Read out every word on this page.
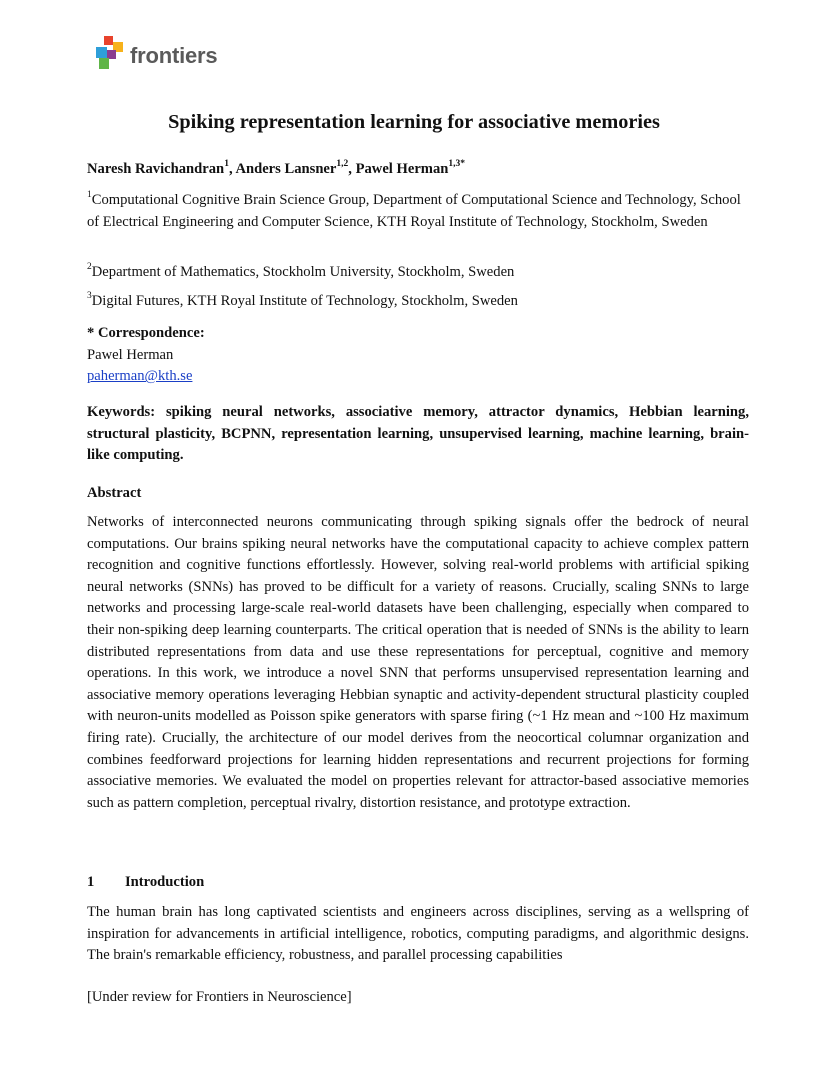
frontiers
Spiking representation learning for associative memories
Naresh Ravichandran$^1$, Anders Lansner$^{1,2}$, Pawel Herman$^{1,3*}$
$^1$Computational Cognitive Brain Science Group, Department of Computational Science and Technology, School of Electrical Engineering and Computer Science, KTH Royal Institute of Technology, Stockholm, Sweden
$^2$Department of Mathematics, Stockholm University, Stockholm, Sweden
$^3$Digital Futures, KTH Royal Institute of Technology, Stockholm, Sweden
* Correspondence:
Pawel Herman
paherman@kth.se
Keywords: spiking neural networks, associative memory, attractor dynamics, Hebbian learning, structural plasticity, BCPNN, representation learning, unsupervised learning, machine learning, brain-like computing.
Abstract
Networks of interconnected neurons communicating through spiking signals offer the bedrock of neural computations. Our brains spiking neural networks have the computational capacity to achieve complex pattern recognition and cognitive functions effortlessly. However, solving real-world problems with artificial spiking neural networks (SNNs) has proved to be difficult for a variety of reasons. Crucially, scaling SNNs to large networks and processing large-scale real-world datasets have been challenging, especially when compared to their non-spiking deep learning counterparts. The critical operation that is needed of SNNs is the ability to learn distributed representations from data and use these representations for perceptual, cognitive and memory operations. In this work, we introduce a novel SNN that performs unsupervised representation learning and associative memory operations leveraging Hebbian synaptic and activity-dependent structural plasticity coupled with neuron-units modelled as Poisson spike generators with sparse firing (~1 Hz mean and ~100 Hz maximum firing rate). Crucially, the architecture of our model derives from the neocortical columnar organization and combines feedforward projections for learning hidden representations and recurrent projections for forming associative memories. We evaluated the model on properties relevant for attractor-based associative memories such as pattern completion, perceptual rivalry, distortion resistance, and prototype extraction.
1 Introduction
The human brain has long captivated scientists and engineers across disciplines, serving as a wellspring of inspiration for advancements in artificial intelligence, robotics, computing paradigms, and algorithmic designs. The brain's remarkable efficiency, robustness, and parallel processing capabilities
[Under review for Frontiers in Neuroscience]
